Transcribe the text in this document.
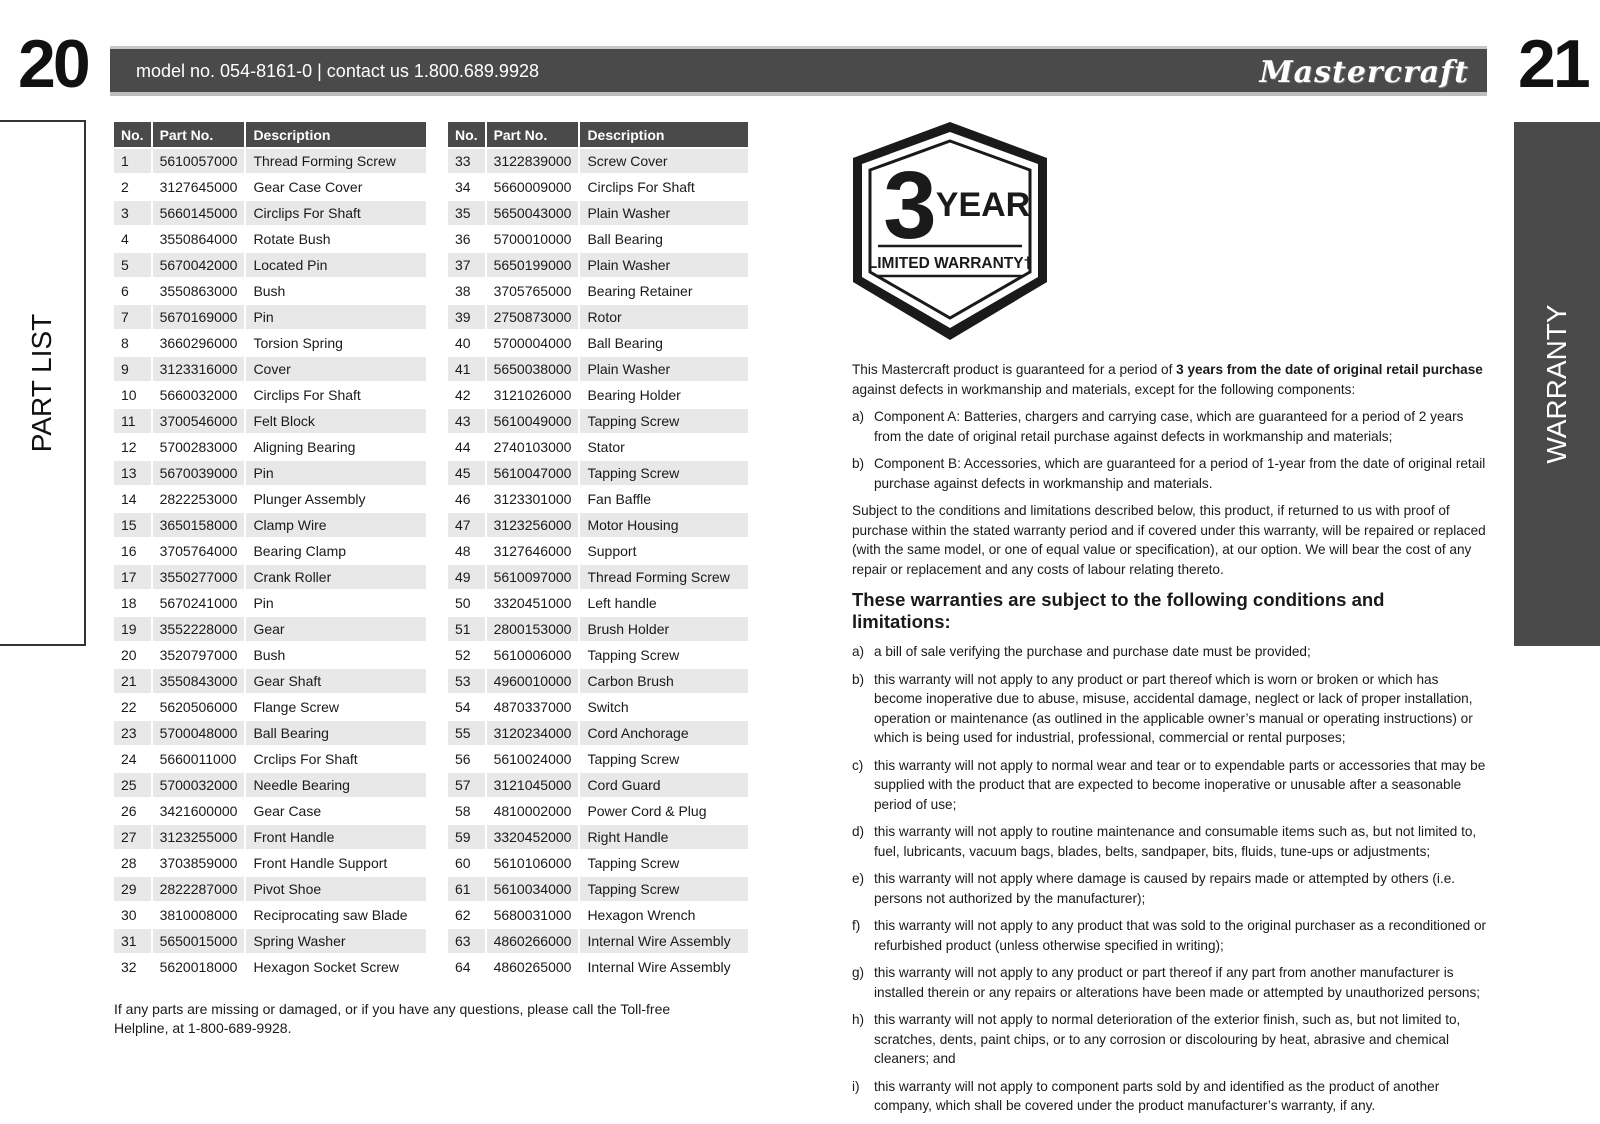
20	21
model no. 054-8161-0 | contact us 1.800.689.9928	Mastercraft
PART LIST	WARRANTY
No.	Part No.	Description
1	5610057000	Thread Forming Screw
2	3127645000	Gear Case Cover
3	5660145000	Circlips For Shaft
4	3550864000	Rotate Bush
5	5670042000	Located Pin
6	3550863000	Bush
7	5670169000	Pin
8	3660296000	Torsion Spring
9	3123316000	Cover
10	5660032000	Circlips For Shaft
11	3700546000	Felt Block
12	5700283000	Aligning Bearing
13	5670039000	Pin
14	2822253000	Plunger Assembly
15	3650158000	Clamp Wire
16	3705764000	Bearing Clamp
17	3550277000	Crank Roller
18	5670241000	Pin
19	3552228000	Gear
20	3520797000	Bush
21	3550843000	Gear Shaft
22	5620506000	Flange Screw
23	5700048000	Ball Bearing
24	5660011000	Crclips For Shaft
25	5700032000	Needle Bearing
26	3421600000	Gear Case
27	3123255000	Front Handle
28	3703859000	Front Handle Support
29	2822287000	Pivot Shoe
30	3810008000	Reciprocating saw Blade
31	5650015000	Spring Washer
32	5620018000	Hexagon Socket Screw
No.	Part No.	Description
33	3122839000	Screw Cover
34	5660009000	Circlips For Shaft
35	5650043000	Plain Washer
36	5700010000	Ball Bearing
37	5650199000	Plain Washer
38	3705765000	Bearing Retainer
39	2750873000	Rotor
40	5700004000	Ball Bearing
41	5650038000	Plain Washer
42	3121026000	Bearing Holder
43	5610049000	Tapping Screw
44	2740103000	Stator
45	5610047000	Tapping Screw
46	3123301000	Fan Baffle
47	3123256000	Motor Housing
48	3127646000	Support
49	5610097000	Thread Forming Screw
50	3320451000	Left handle
51	2800153000	Brush Holder
52	5610006000	Tapping Screw
53	4960010000	Carbon Brush
54	4870337000	Switch
55	3120234000	Cord Anchorage
56	5610024000	Tapping Screw
57	3121045000	Cord Guard
58	4810002000	Power Cord & Plug
59	3320452000	Right Handle
60	5610106000	Tapping Screw
61	5610034000	Tapping Screw
62	5680031000	Hexagon Wrench
63	4860266000	Internal Wire Assembly
64	4860265000	Internal Wire Assembly
If any parts are missing or damaged, or if you have any questions, please call the Toll-free Helpline, at 1-800-689-9928.
3 YEAR
LIMITED WARRANTY†

This Mastercraft product is guaranteed for a period of 3 years from the date of original retail purchase against defects in workmanship and materials, except for the following components:

a) Component A: Batteries, chargers and carrying case, which are guaranteed for a period of 2 years from the date of original retail purchase against defects in workmanship and materials;
b) Component B: Accessories, which are guaranteed for a period of 1-year from the date of original retail purchase against defects in workmanship and materials.

Subject to the conditions and limitations described below, this product, if returned to us with proof of purchase within the stated warranty period and if covered under this warranty, will be repaired or replaced (with the same model, or one of equal value or specification), at our option. We will bear the cost of any repair or replacement and any costs of labour relating thereto.

These warranties are subject to the following conditions and limitations:
a) a bill of sale verifying the purchase and purchase date must be provided;
b) this warranty will not apply to any product or part thereof which is worn or broken or which has become inoperative due to abuse, misuse, accidental damage, neglect or lack of proper installation, operation or maintenance (as outlined in the applicable owner’s manual or operating instructions) or which is being used for industrial, professional, commercial or rental purposes;
c) this warranty will not apply to normal wear and tear or to expendable parts or accessories that may be supplied with the product that are expected to become inoperative or unusable after a seasonable period of use;
d) this warranty will not apply to routine maintenance and consumable items such as, but not limited to, fuel, lubricants, vacuum bags, blades, belts, sandpaper, bits, fluids, tune-ups or adjustments;
e) this warranty will not apply where damage is caused by repairs made or attempted by others (i.e. persons not authorized by the manufacturer);
f)	this warranty will not apply to any product that was sold to the original purchaser as a reconditioned or refurbished product (unless otherwise specified in writing);
g) this warranty will not apply to any product or part thereof if any part from another manufacturer is installed therein or any repairs or alterations have been made or attempted by unauthorized persons;
h) this warranty will not apply to normal deterioration of the exterior finish, such as, but not limited to, scratches, dents, paint chips, or to any corrosion or discolouring by heat, abrasive and chemical cleaners; and
i)	this warranty will not apply to component parts sold by and identified as the product of another company, which shall be covered under the product manufacturer’s warranty, if any.
